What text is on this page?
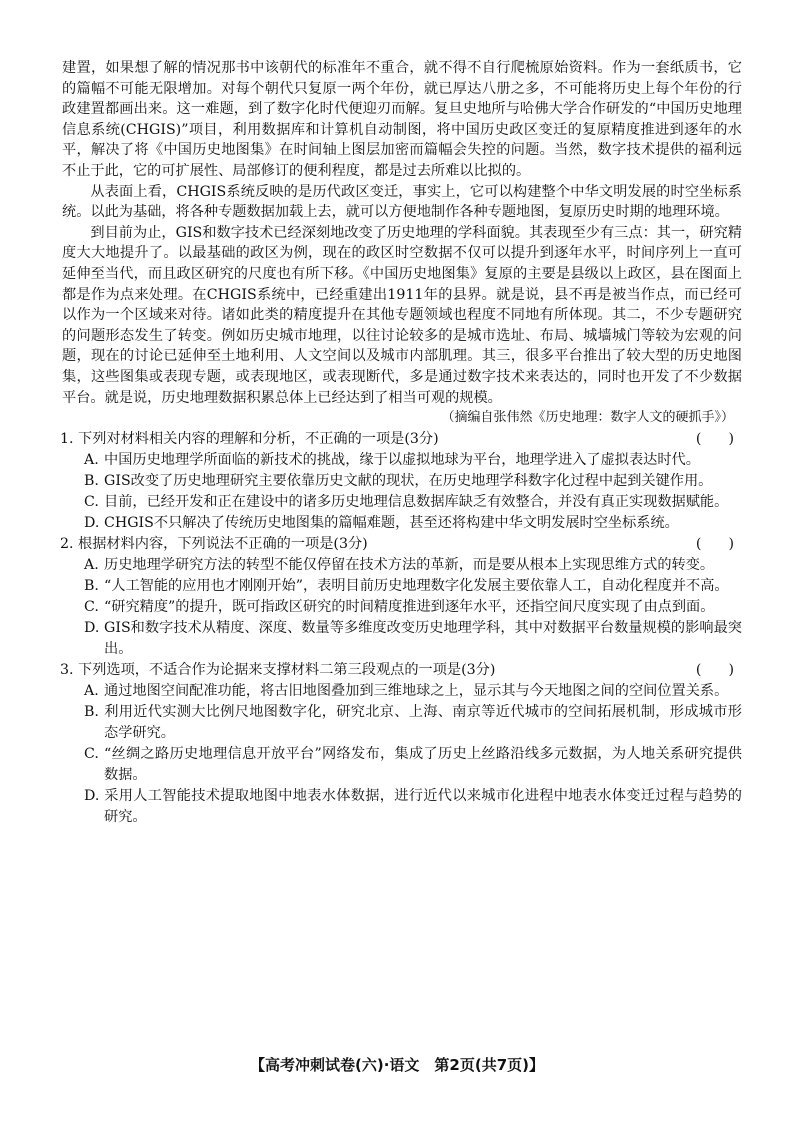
建置，如果想了解的情况那书中该朝代的标准年不重合，就不得不自行爬梳原始资料。作为一套纸质书，它的篇幅不可能无限增加。对每个朝代只复原一两个年份，就已厚达八册之多，不可能将历史上每个年份的行政建置都画出来。这一难题，到了数字化时代便迎刃而解。复旦史地所与哈佛大学合作研发的“中国历史地理信息系统(CHGIS)”项目，利用数据库和计算机自动制图，将中国历史政区变迁的复原精度推进到逐年的水平，解决了将《中国历史地图集》在时间轴上图层加密而篇幅会失控的问题。当然，数字技术提供的福利远不止于此，它的可扩展性、局部修订的便利程度，都是过去所难以比拟的。

从表面上看，CHGIS系统反映的是历代政区变迁，事实上，它可以构建整个中华文明发展的时空坐标系统。以此为基础，将各种专题数据加载上去，就可以方便地制作各种专题地图，复原历史时期的地理环境。

到目前为止，GIS和数字技术已经深刻地改变了历史地理的学科面貌。其表现至少有三点：其一，研究精度大大地提升了。以最基础的政区为例，现在的政区时空数据不仅可以提升到逐年水平，时间序列上一直可延伸至当代，而且政区研究的尺度也有所下移。《中国历史地图集》复原的主要是县级以上政区，县在图面上都是作为点来处理。在CHGIS系统中，已经重建出1911年的县界。就是说，县不再是被当作点，而已经可以作为一个区域来对待。诸如此类的精度提升在其他专题领域也程度不同地有所体现。其二，不少专题研究的问题形态发生了转变。例如历史城市地理，以往讨论较多的是城市选址、布局、城墙城门等较为宏观的问题，现在的讨论已延伸至土地利用、人文空间以及城市内部肌理。其三，很多平台推出了较大型的历史地图集，这些图集或表现专题，或表现地区，或表现断代，多是通过数字技术来表达的，同时也开发了不少数据平台。就是说，历史地理数据积累总体上已经达到了相当可观的规模。

（摘编自张伟然《历史地理：数字人文的硬抓手》）

1. 下列对材料相关内容的理解和分析，不正确的一项是(3分)	(      )

A. 中国历史地理学所面临的新技术的挑战，缘于以虚拟地球为平台，地理学进入了虚拟表达时代。

B. GIS改变了历史地理研究主要依靠历史文献的现状，在历史地理学科数字化过程中起到关键作用。

C. 目前，已经开发和正在建设中的诸多历史地理信息数据库缺乏有效整合，并没有真正实现数据赋能。

D. CHGIS不只解决了传统历史地图集的篇幅难题，甚至还将构建中华文明发展时空坐标系统。

2. 根据材料内容，下列说法不正确的一项是(3分)	(      )

A. 历史地理学研究方法的转型不能仅停留在技术方法的革新，而是要从根本上实现思维方式的转变。

B. “人工智能的应用也才刚刚开始”，表明目前历史地理数字化发展主要依靠人工，自动化程度并不高。

C. “研究精度”的提升，既可指政区研究的时间精度推进到逐年水平，还指空间尺度实现了由点到面。

D. GIS和数字技术从精度、深度、数量等多维度改变历史地理学科，其中对数据平台数量规模的影响最突出。

3. 下列选项，不适合作为论据来支撑材料二第三段观点的一项是(3分)	(      )

A. 通过地图空间配准功能，将古旧地图叠加到三维地球之上，显示其与今天地图之间的空间位置关系。

B. 利用近代实测大比例尺地图数字化，研究北京、上海、南京等近代城市的空间拓展机制，形成城市形态学研究。

C. “丝绸之路历史地理信息开放平台”网络发布，集成了历史上丝路沿线多元数据，为人地关系研究提供数据。

D. 采用人工智能技术提取地图中地表水体数据，进行近代以来城市化进程中地表水体变迁过程与趋势的研究。

【高考冲刺试卷(六)·语文　第2页(共7页)】
